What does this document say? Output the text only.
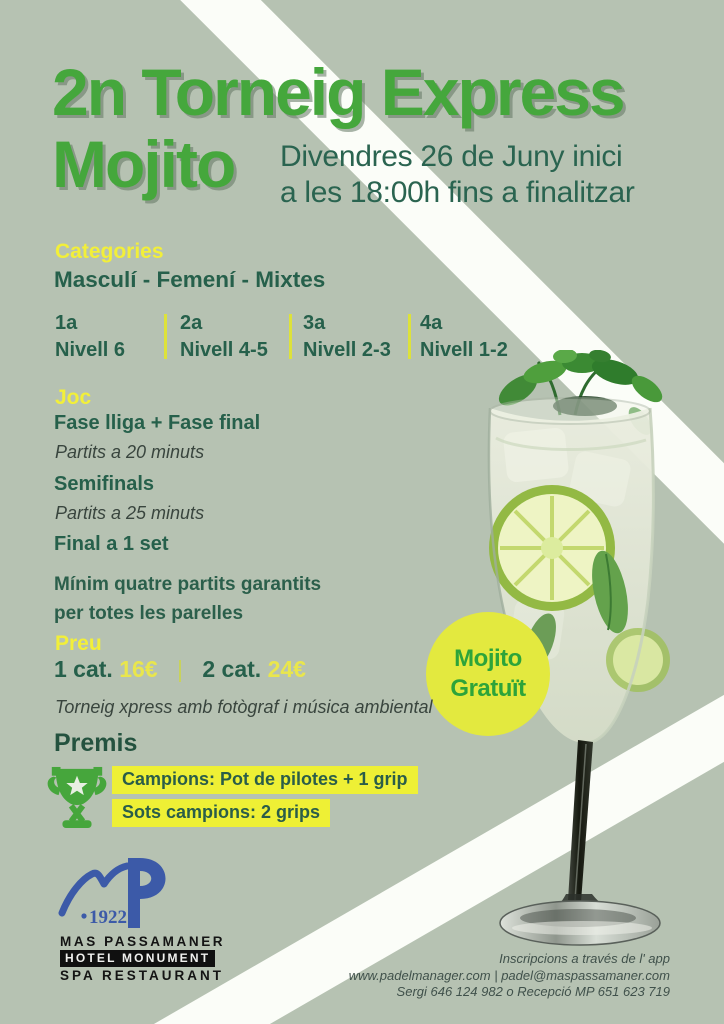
Mojito
Gratuït
2n Torneig Express
Mojito Divendres 26 de Juny inici
a les 18:00h fins a finalitzar
Categories
Masculí - Femení - Mixtes
1a
Nivell 6
2a
Nivell 4-5
3a
Nivell 2-3
4a
Nivell 1-2
Joc
Fase lliga + Fase final
Partits a 20 minuts
Semifinals
Partits a 25 minuts
Final a 1 set
Mínim quatre partits garantits
per totes les parelles
Preu
1 cat. 16€ | 2 cat. 24€
Torneig xpress amb fotògraf i música ambiental
Premis
Campions: Pot de pilotes + 1 grip
Sots campions: 2 grips
1922
MAS PASSAMANER
HOTEL MONUMENT
SPA RESTAURANT
Inscripcions a través de l' app
www.padelmanager.com | padel@maspassamaner.com
Sergi 646 124 982 o Recepció MP 651 623 719
